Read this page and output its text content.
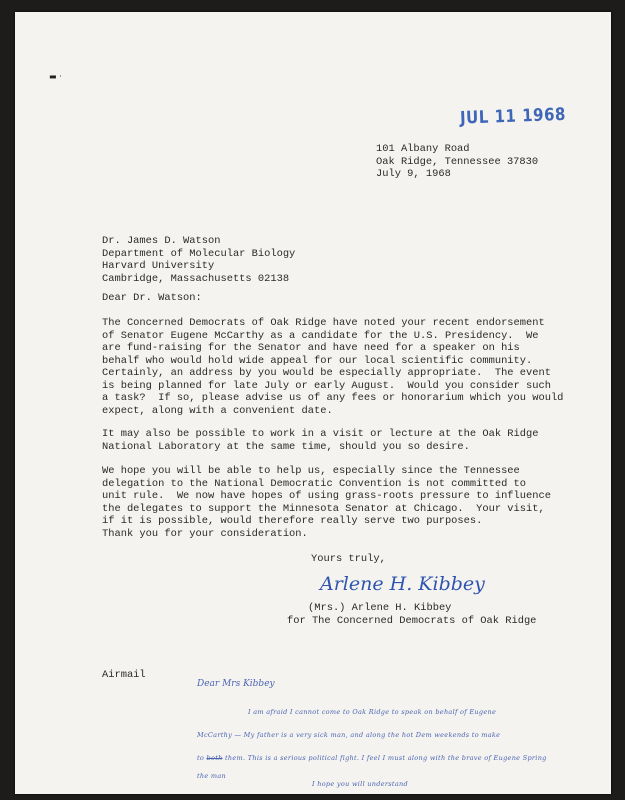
▬ ·

JUL 11 1968

101 Albany Road

Oak Ridge, Tennessee 37830

July 9, 1968

Dr. James D. Watson

Department of Molecular Biology

Harvard University

Cambridge, Massachusetts 02138

Dear Dr. Watson:

The Concerned Democrats of Oak Ridge have noted your recent endorsement

of Senator Eugene McCarthy as a candidate for the U.S. Presidency.  We

are fund-raising for the Senator and have need for a speaker on his

behalf who would hold wide appeal for our local scientific community.

Certainly, an address by you would be especially appropriate.  The event

is being planned for late July or early August.  Would you consider such

a task?  If so, please advise us of any fees or honorarium which you would

expect, along with a convenient date.

It may also be possible to work in a visit or lecture at the Oak Ridge

National Laboratory at the same time, should you so desire.

We hope you will be able to help us, especially since the Tennessee

delegation to the National Democratic Convention is not committed to

unit rule.  We now have hopes of using grass-roots pressure to influence

the delegates to support the Minnesota Senator at Chicago.  Your visit,

if it is possible, would therefore really serve two purposes.

Thank you for your consideration.

Yours truly,

Arlene H. Kibbey

(Mrs.) Arlene H. Kibbey

for The Concerned Democrats of Oak Ridge

Airmail

Dear Mrs Kibbey

I am afraid I cannot come to Oak Ridge to speak on behalf of Eugene

McCarthy — My father is a very sick man, and along the hot Dem weekends to make

to both them. This is a serious political fight. I feel I must along with the brave of Eugene Spring

the man

I hope you will understand
